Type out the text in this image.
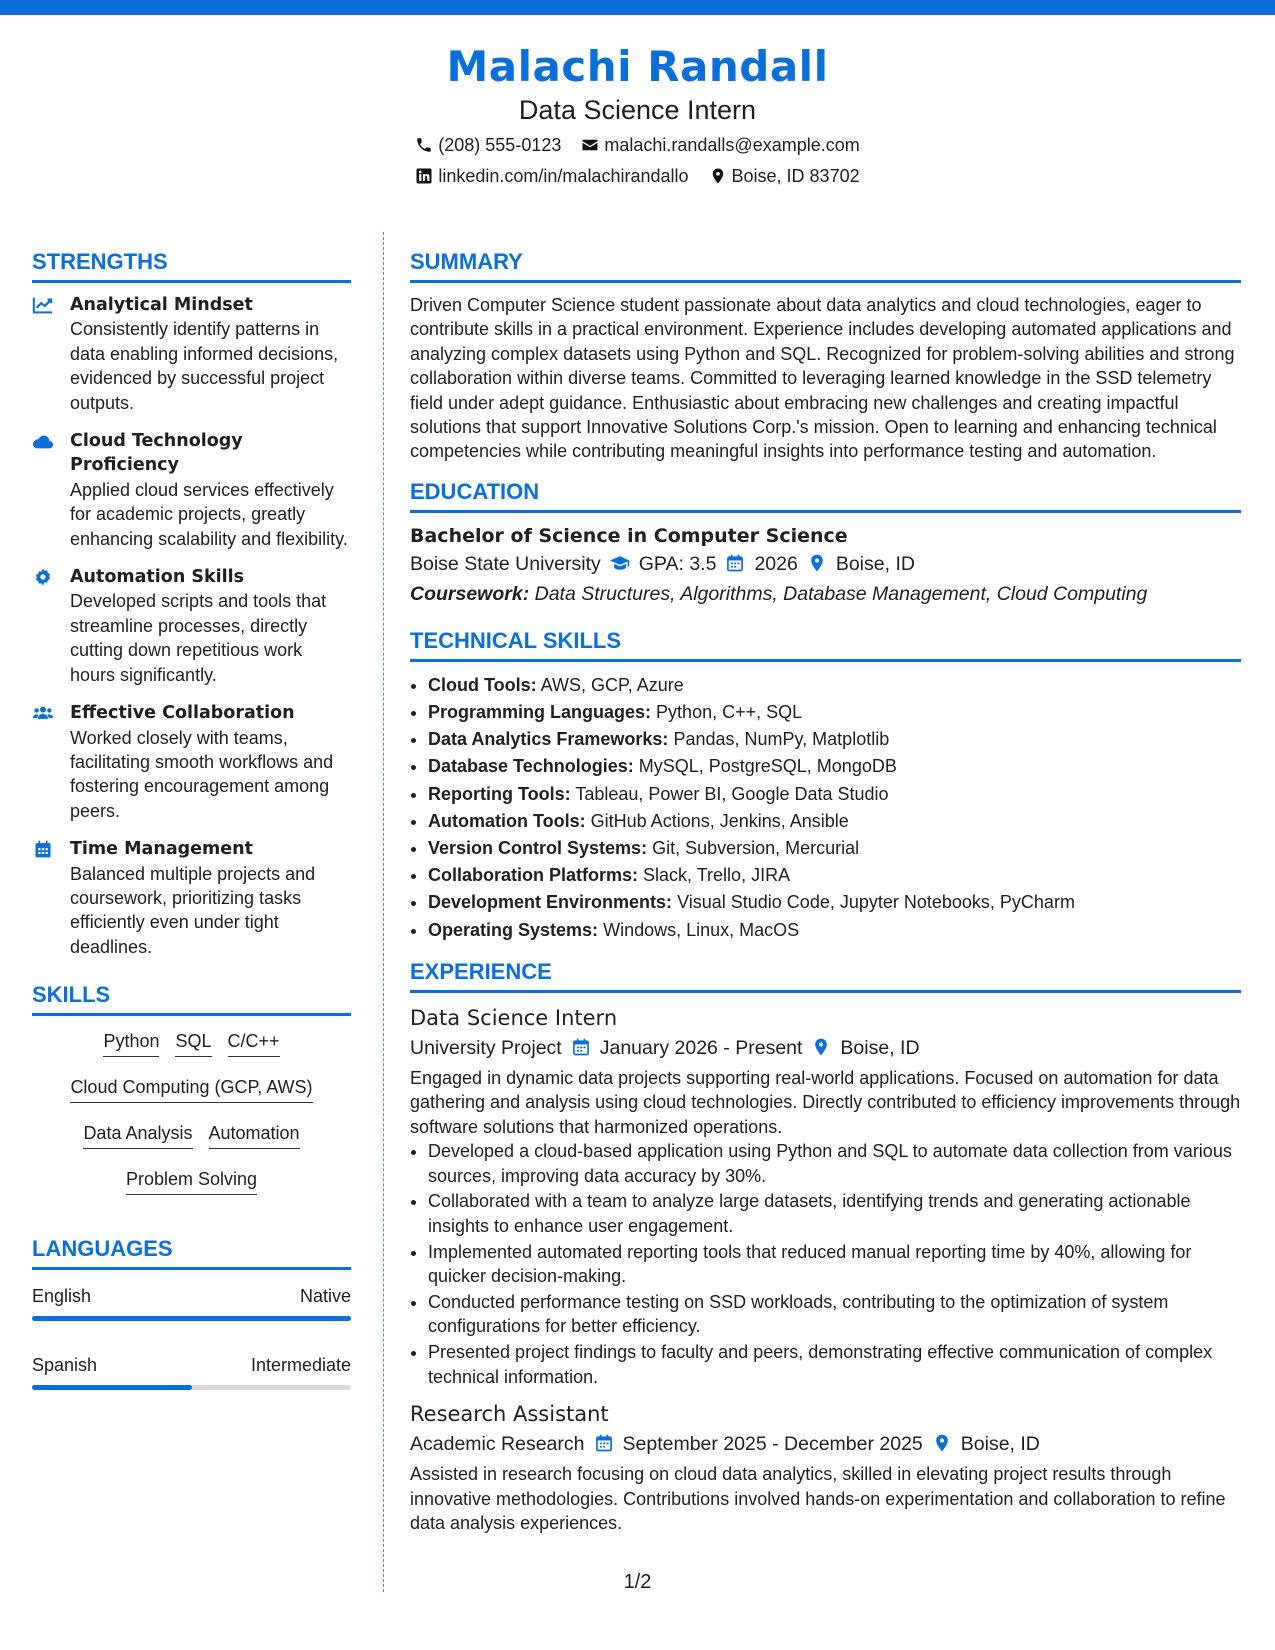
Malachi Randall
Data Science Intern
(208) 555-0123 malachi.randalls@example.com
linkedin.com/in/malachirandallo Boise, ID 83702
STRENGTHS
Analytical Mindset
Consistently identify patterns in data enabling informed decisions, evidenced by successful project outputs.
Cloud Technology Proficiency
Applied cloud services effectively for academic projects, greatly enhancing scalability and flexibility.
Automation Skills
Developed scripts and tools that streamline processes, directly cutting down repetitious work hours significantly.
Effective Collaboration
Worked closely with teams, facilitating smooth workflows and fostering encouragement among peers.
Time Management
Balanced multiple projects and coursework, prioritizing tasks efficiently even under tight deadlines.
SKILLS
Python SQL C/C++
Cloud Computing (GCP, AWS)
Data Analysis Automation
Problem Solving
LANGUAGES
English	Native
Spanish	Intermediate
SUMMARY

Driven Computer Science student passionate about data analytics and cloud technologies, eager to contribute skills in a practical environment. Experience includes developing automated applications and analyzing complex datasets using Python and SQL. Recognized for problem-solving abilities and strong collaboration within diverse teams. Committed to leveraging learned knowledge in the SSD telemetry field under adept guidance. Enthusiastic about embracing new challenges and creating impactful solutions that support Innovative Solutions Corp.'s mission. Open to learning and enhancing technical competencies while contributing meaningful insights into performance testing and automation.

EDUCATION
Bachelor of Science in Computer Science
Boise State University GPA: 3.5 2026 Boise, ID
Coursework: Data Structures, Algorithms, Database Management, Cloud Computing
TECHNICAL SKILLS
• Cloud Tools: AWS, GCP, Azure
• Programming Languages: Python, C++, SQL
• Data Analytics Frameworks: Pandas, NumPy, Matplotlib
• Database Technologies: MySQL, PostgreSQL, MongoDB
• Reporting Tools: Tableau, Power BI, Google Data Studio
• Automation Tools: GitHub Actions, Jenkins, Ansible
• Version Control Systems: Git, Subversion, Mercurial
• Collaboration Platforms: Slack, Trello, JIRA
• Development Environments: Visual Studio Code, Jupyter Notebooks, PyCharm
• Operating Systems: Windows, Linux, MacOS
EXPERIENCE
Data Science Intern
University Project January 2026 - Present Boise, ID

Engaged in dynamic data projects supporting real-world applications. Focused on automation for data gathering and analysis using cloud technologies. Directly contributed to efficiency improvements through software solutions that harmonized operations.

• Developed a cloud-based application using Python and SQL to automate data collection from various sources, improving data accuracy by 30%.
• Collaborated with a team to analyze large datasets, identifying trends and generating actionable insights to enhance user engagement.
• Implemented automated reporting tools that reduced manual reporting time by 40%, allowing for quicker decision-making.
• Conducted performance testing on SSD workloads, contributing to the optimization of system configurations for better efficiency.
• Presented project findings to faculty and peers, demonstrating effective communication of complex technical information.
Research Assistant
Academic Research September 2025 - December 2025 Boise, ID

Assisted in research focusing on cloud data analytics, skilled in elevating project results through innovative methodologies. Contributions involved hands-on experimentation and collaboration to refine data analysis experiences.

1/2
